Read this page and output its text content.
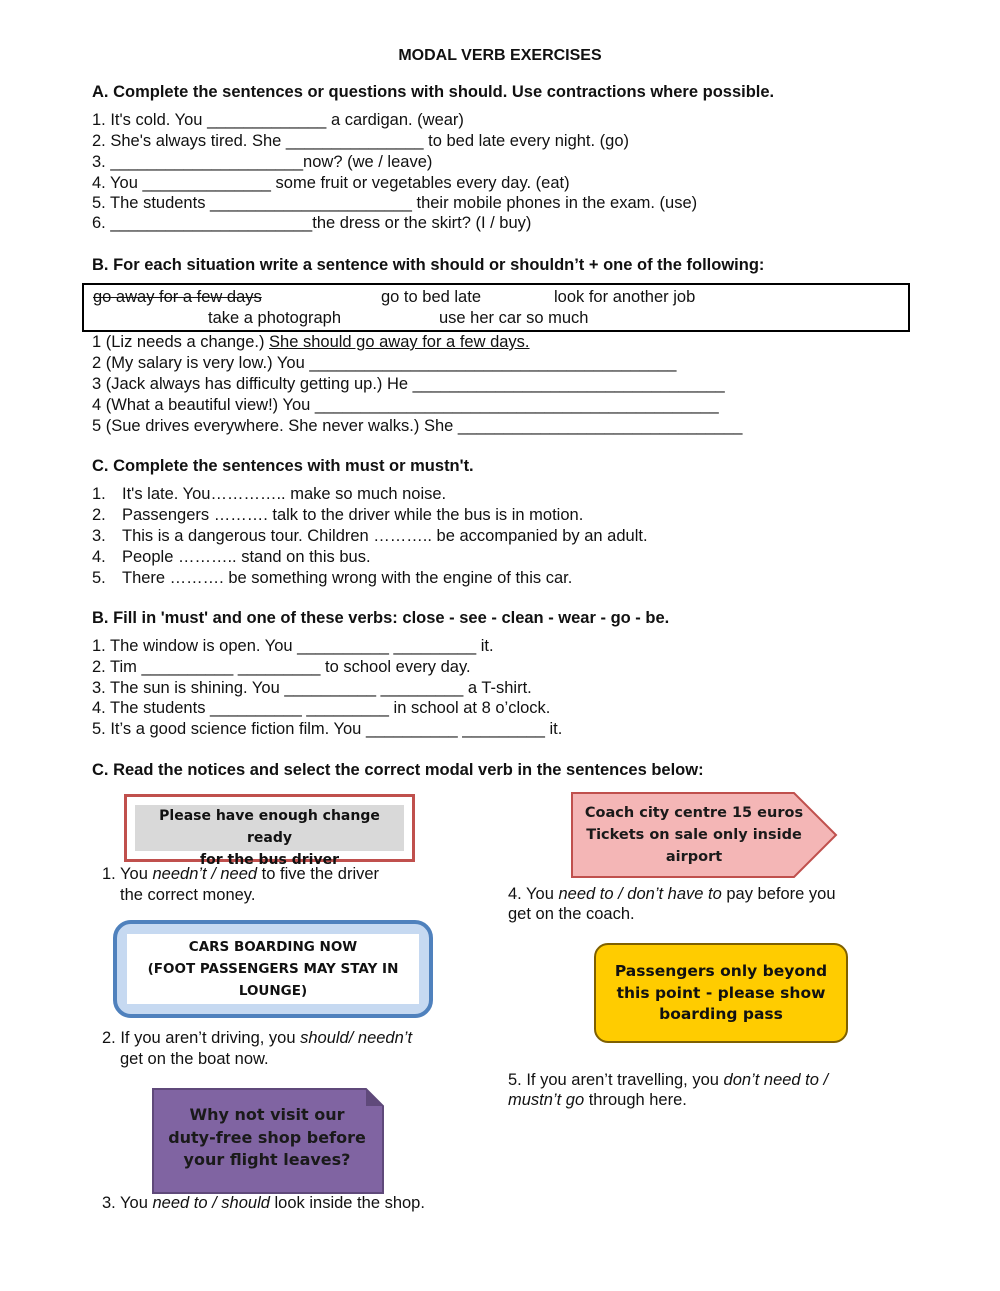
MODAL VERB EXERCISES
A. Complete the sentences or questions with should. Use contractions where possible.
1. It's cold. You _____________ a cardigan. (wear)
2. She's always tired. She _______________ to bed late every night. (go)
3. _____________________now? (we / leave)
4. You ______________ some fruit or vegetables every day. (eat)
5. The students ______________________ their mobile phones in the exam. (use)
6. ______________________the dress or the skirt? (I / buy)
B. For each situation write a sentence with should or shouldn’t + one of the following:
go away for a few days	go to bed late	look for another job
take a photograph	use her car so much
1 (Liz needs a change.) She should go away for a few days.
2 (My salary is very low.) You ________________________________________
3 (Jack always has difficulty getting up.) He __________________________________
4 (What a beautiful view!) You ____________________________________________
5 (Sue drives everywhere. She never walks.) She _______________________________
C. Complete the sentences with must or mustn't.
1. It's late. You………….. make so much noise.
2. Passengers ………. talk to the driver while the bus is in motion.
3. This is a dangerous tour. Children ……….. be accompanied by an adult.
4. People ……….. stand on this bus.
5. There ………. be something wrong with the engine of this car.
B. Fill in 'must' and one of these verbs: close - see - clean - wear - go - be.
1. The window is open. You __________ _________ it.
2. Tim __________ _________ to school every day.
3. The sun is shining. You __________ _________ a T-shirt.
4. The students __________ _________ in school at 8 o’clock.
5. It’s a good science fiction film. You __________ _________ it.
C. Read the notices and select the correct modal verb in the sentences below:
Please have enough change ready
for the bus driver
1. You needn’t / need to five the driver
the correct money.
CARS BOARDING NOW
(FOOT PASSENGERS MAY STAY IN
LOUNGE)
2. If you aren’t driving, you should/ needn’t
get on the boat now.
Why not visit our
duty-free shop before
your flight leaves?
3. You need to / should look inside the shop.
Coach city centre 15 euros
Tickets on sale only inside
airport
4. You need to / don’t have to pay before you
get on the coach.
Passengers only beyond
this point - please show
boarding pass
5. If you aren’t travelling, you don’t need to /
mustn’t go through here.
